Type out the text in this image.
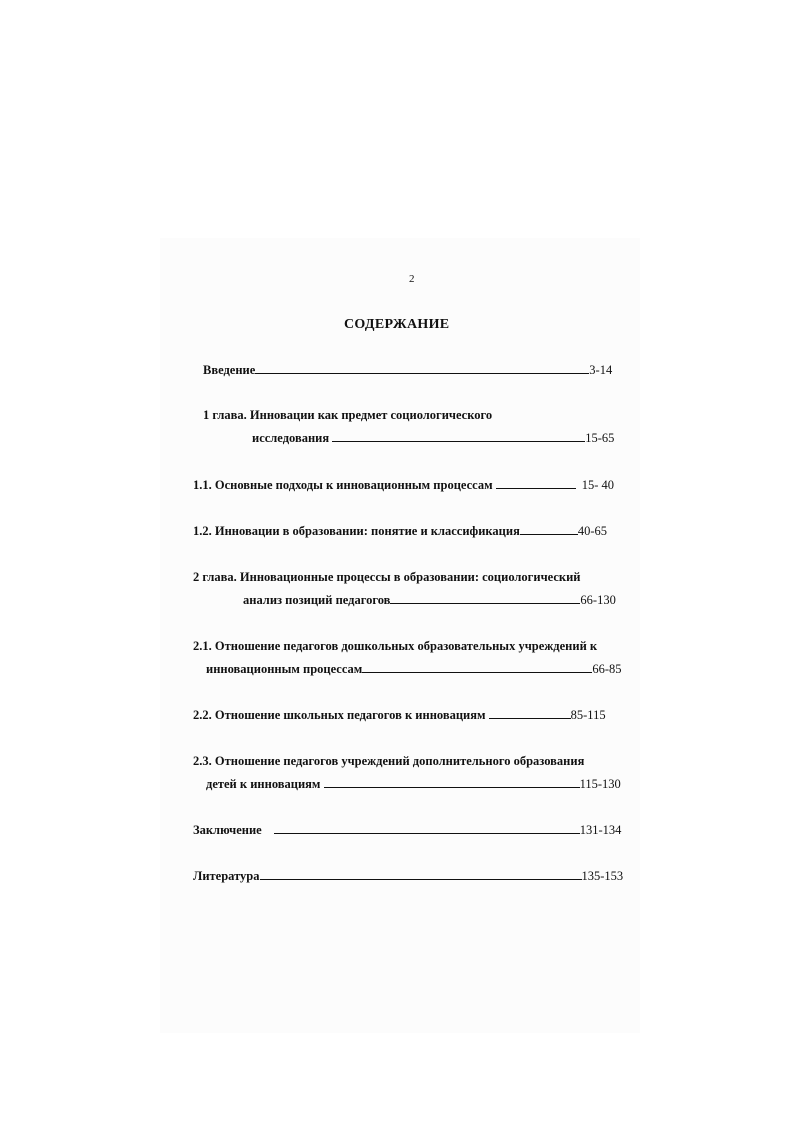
2
СОДЕРЖАНИЕ
Введение	3-14
1 глава. Инновации как предмет социологического
исследования	15-65
1.1. Основные подходы к инновационным процессам	15- 40
1.2. Инновации в образовании: понятие и классификация	40-65
2 глава. Инновационные процессы в образовании: социологический
анализ позиций педагогов	66-130
2.1. Отношение педагогов дошкольных образовательных учреждений к
инновационным процессам	66-85
2.2. Отношение школьных педагогов к инновациям	85-115
2.3. Отношение педагогов учреждений дополнительного образования
детей к инновациям	115-130
Заключение	131-134
Литература	135-153
